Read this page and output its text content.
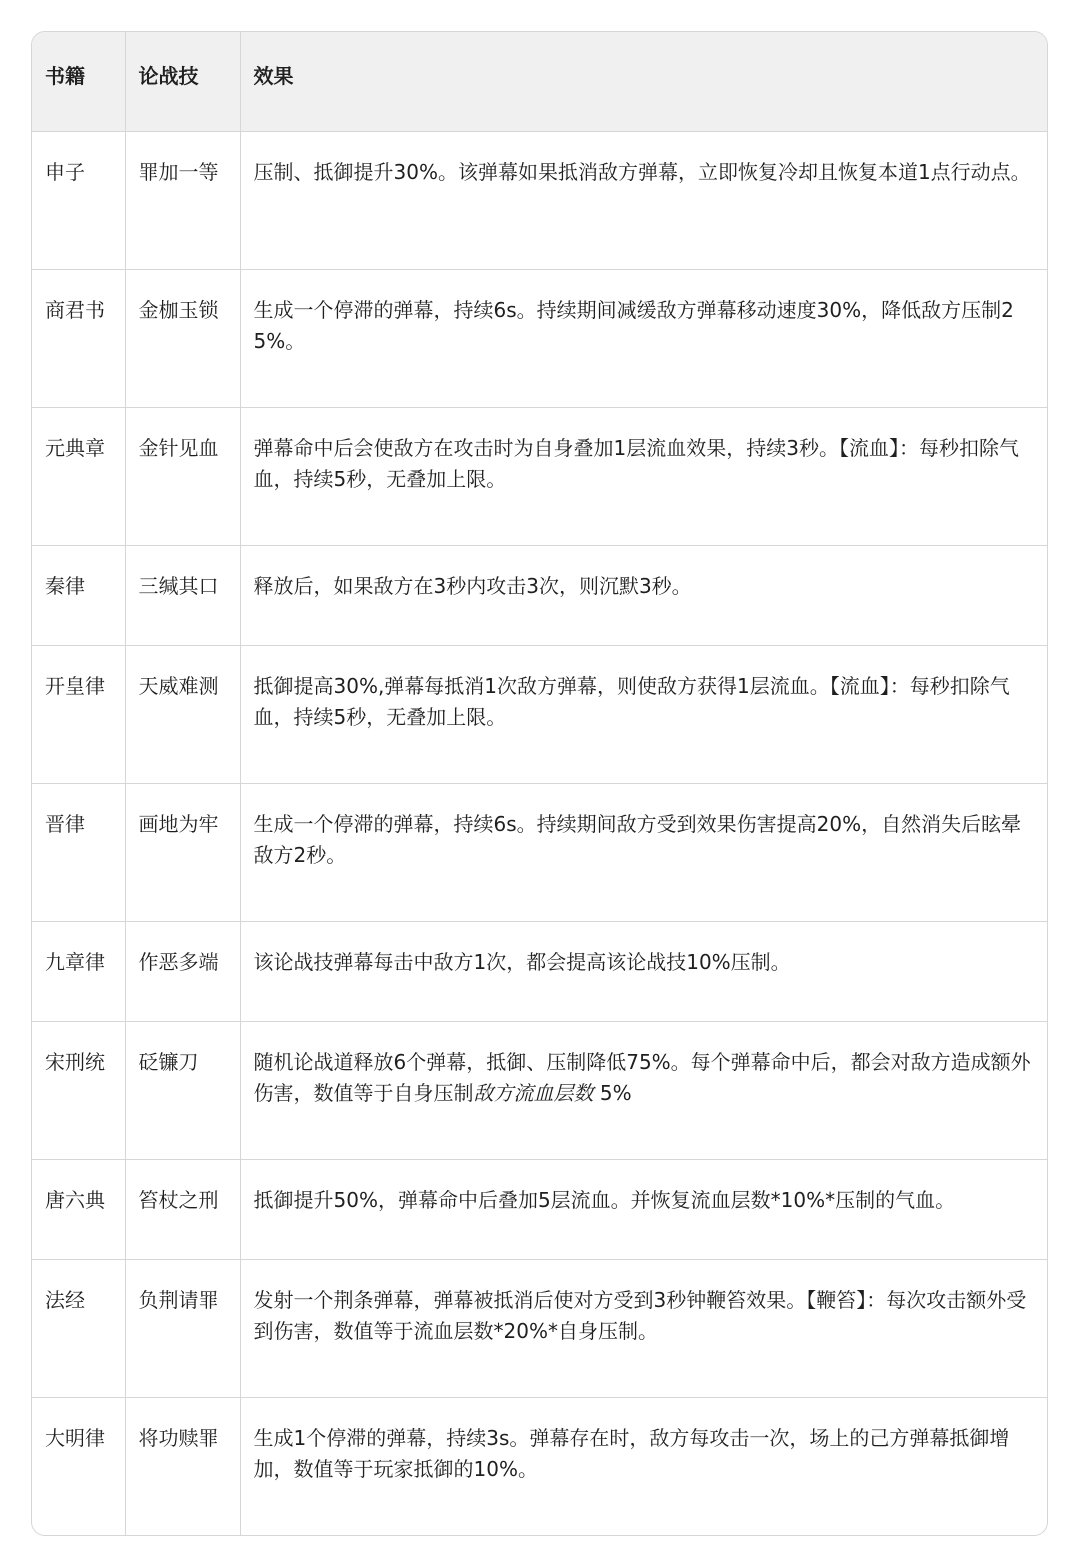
书籍	论战技	效果
申子	罪加一等	压制、抵御提升30%。该弹幕如果抵消敌方弹幕，立即恢复冷却且恢复本道1点行动点。
商君书	金枷玉锁	生成一个停滞的弹幕，持续6s。持续期间减缓敌方弹幕移动速度30%，降低敌方压制25%。
元典章	金针见血	弹幕命中后会使敌方在攻击时为自身叠加1层流血效果，持续3秒。【流血】：每秒扣除气血，持续5秒，无叠加上限。
秦律	三缄其口	释放后，如果敌方在3秒内攻击3次，则沉默3秒。
开皇律	天威难测	抵御提高30%,弹幕每抵消1次敌方弹幕，则使敌方获得1层流血。【流血】：每秒扣除气血，持续5秒，无叠加上限。
晋律	画地为牢	生成一个停滞的弹幕，持续6s。持续期间敌方受到效果伤害提高20%，自然消失后眩晕敌方2秒。
九章律	作恶多端	该论战技弹幕每击中敌方1次，都会提高该论战技10%压制。
宋刑统	砭镰刀	随机论战道释放6个弹幕，抵御、压制降低75%。每个弹幕命中后，都会对敌方造成额外伤害，数值等于自身压制敌方流血层数 5%
唐六典	笞杖之刑	抵御提升50%，弹幕命中后叠加5层流血。并恢复流血层数*10%*压制的气血。
法经	负荆请罪	发射一个荆条弹幕，弹幕被抵消后使对方受到3秒钟鞭笞效果。【鞭笞】：每次攻击额外受到伤害，数值等于流血层数*20%*自身压制。
大明律	将功赎罪	生成1个停滞的弹幕，持续3s。弹幕存在时，敌方每攻击一次，场上的己方弹幕抵御增加，数值等于玩家抵御的10%。
